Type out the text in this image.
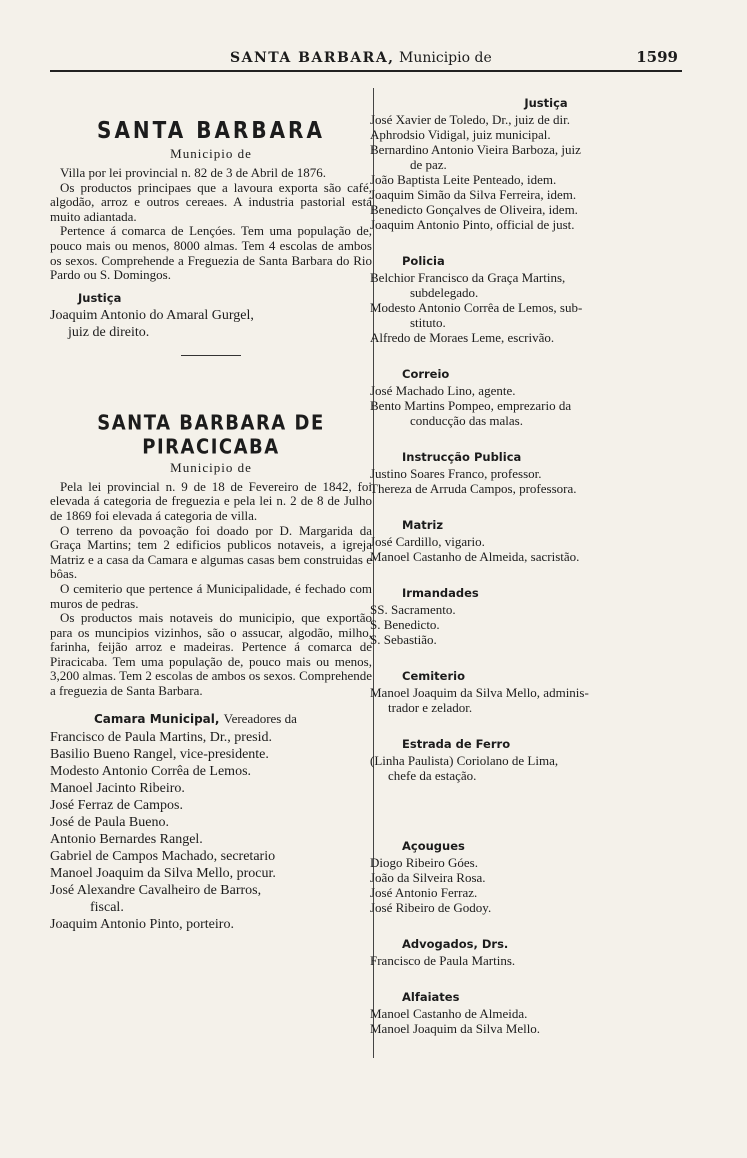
SANTA BARBARA, Municipio de	1599
SANTA BARBARA
Municipio de

Villa por lei provincial n. 82 de 3 de Abril de 1876.

Os productos principaes que a lavoura exporta são café, algodão, arroz e outros cereaes. A industria pastorial está muito adiantada.

Pertence á comarca de Lençóes. Tem uma população de, pouco mais ou menos, 8000 almas. Tem 4 escolas de ambos os sexos. Comprehende a Freguezia de Santa Barbara do Rio Pardo ou S. Domingos.

Justiça
Joaquim Antonio do Amaral Gurgel,
juiz de direito.
SANTA BARBARA DE PIRACICABA
Municipio de

Pela lei provincial n. 9 de 18 de Fevereiro de 1842, foi elevada á categoria de freguezia e pela lei n. 2 de 8 de Julho de 1869 foi elevada á categoria de villa.

O terreno da povoação foi doado por D. Margarida da Graça Martins; tem 2 edificios publicos notaveis, a igreja Matriz e a casa da Camara e algumas casas bem construidas e bôas.

O cemiterio que pertence á Municipalidade, é fechado com muros de pedras.

Os productos mais notaveis do municipio, que exportão para os muncipios vizinhos, são o assucar, algodão, milho, farinha, feijão arroz e madeiras. Pertence á comarca de Piracicaba. Tem uma população de, pouco mais ou menos, 3,200 almas. Tem 2 escolas de ambos os sexos. Comprehende a freguezia de Santa Barbara.

Camara Municipal, Vereadores da
Francisco de Paula Martins, Dr., presid.
Basilio Bueno Rangel, vice-presidente.
Modesto Antonio Corrêa de Lemos.
Manoel Jacinto Ribeiro.
José Ferraz de Campos.
José de Paula Bueno.
Antonio Bernardes Rangel.
Gabriel de Campos Machado, secretario
Manoel Joaquim da Silva Mello, procur.
José Alexandre Cavalheiro de Barros,
fiscal.
Joaquim Antonio Pinto, porteiro.
Justiça
José Xavier de Toledo, Dr., juiz de dir.
Aphrodsio Vidigal, juiz municipal.
Bernardino Antonio Vieira Barboza, juiz
de paz.
João Baptista Leite Penteado, idem.
Joaquim Simão da Silva Ferreira, idem.
Benedicto Gonçalves de Oliveira, idem.
Joaquim Antonio Pinto, official de just.
Policia
Belchior Francisco da Graça Martins,
subdelegado.
Modesto Antonio Corrêa de Lemos, sub-
stituto.
Alfredo de Moraes Leme, escrivão.
Correio
José Machado Lino, agente.
Bento Martins Pompeo, emprezario da
conducção das malas.
Instrucção Publica
Justino Soares Franco, professor.
Thereza de Arruda Campos, professora.
Matriz
José Cardillo, vigario.
Manoel Castanho de Almeida, sacristão.
Irmandades
SS. Sacramento.
S. Benedicto.
S. Sebastião.
Cemiterio
Manoel Joaquim da Silva Mello, adminis-
trador e zelador.
Estrada de Ferro
(Linha Paulista) Coriolano de Lima,
chefe da estação.
Açougues
Diogo Ribeiro Góes.
João da Silveira Rosa.
José Antonio Ferraz.
José Ribeiro de Godoy.
Advogados, Drs.
Francisco de Paula Martins.
Alfaiates
Manoel Castanho de Almeida.
Manoel Joaquim da Silva Mello.
